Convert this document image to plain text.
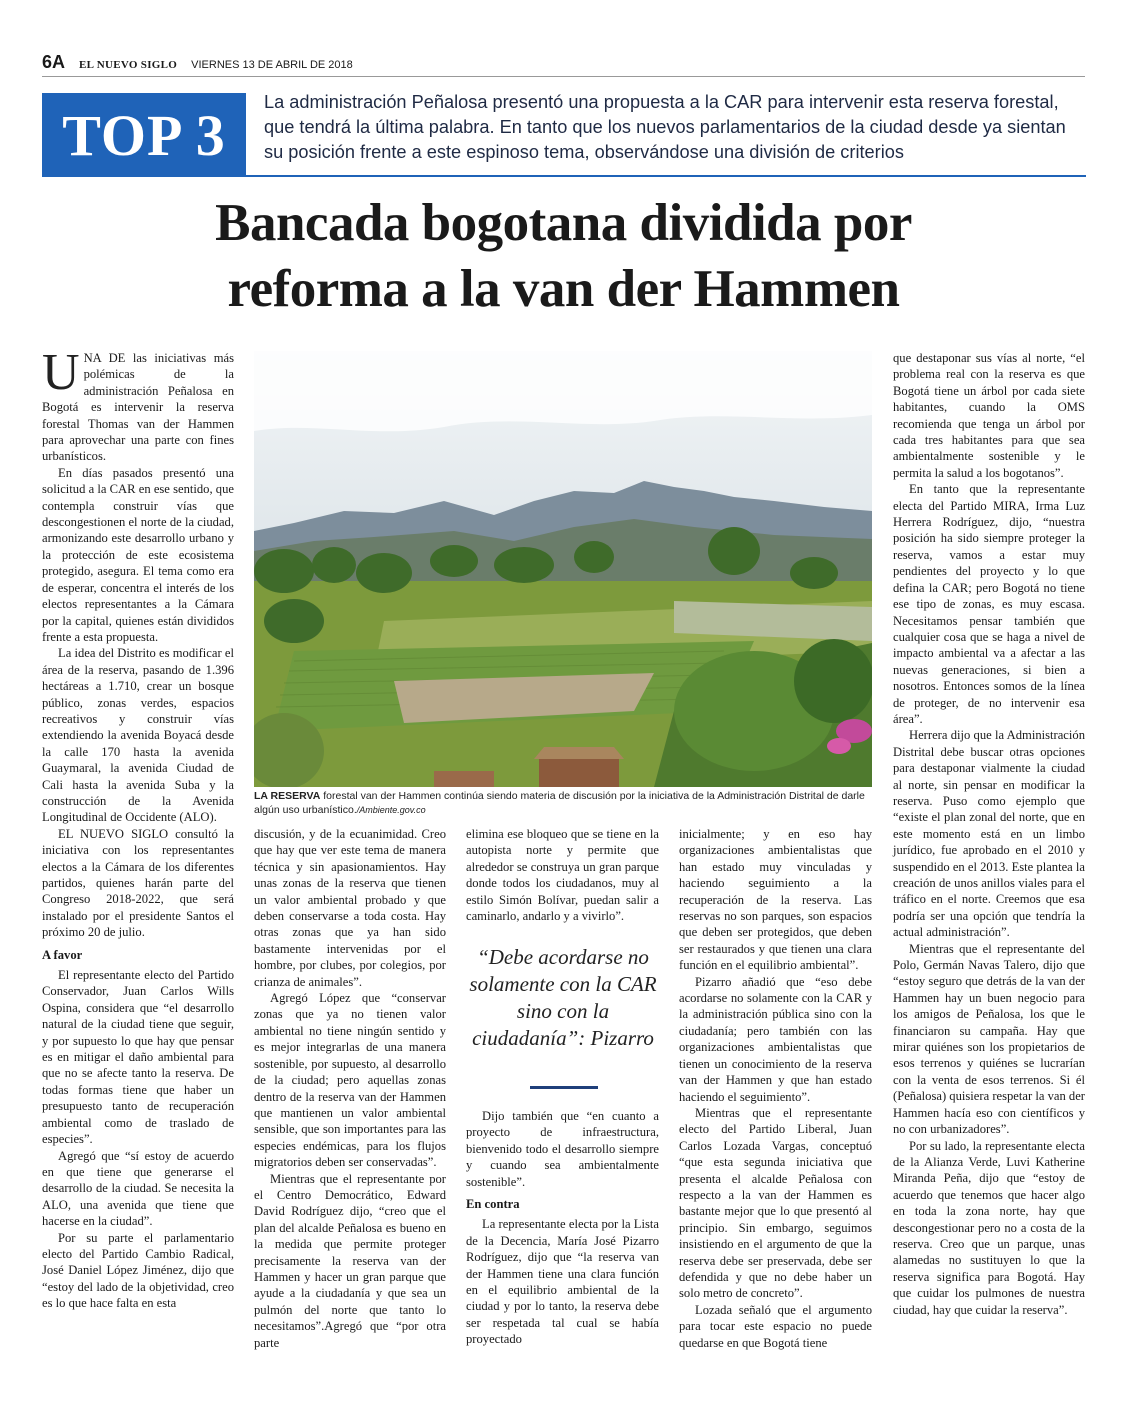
6A EL NUEVO SIGLO VIERNES 13 DE ABRIL DE 2018
TOP 3
La administración Peñalosa presentó una propuesta a la CAR para intervenir esta reserva forestal, que tendrá la última palabra. En tanto que los nuevos parlamentarios de la ciudad desde ya sientan su posición frente a este espinoso tema, observándose una división de criterios
Bancada bogotana dividida por
reforma a la van der Hammen

UNA DE las iniciativas más polémicas de la administración Peñalosa en Bogotá es intervenir la reserva forestal Thomas van der Hammen para aprovechar una parte con fines urbanísticos.

En días pasados presentó una solicitud a la CAR en ese sentido, que contempla construir vías que descongestionen el norte de la ciudad, armonizando este desarrollo urbano y la protección de este ecosistema protegido, asegura. El tema como era de esperar, concentra el interés de los electos representantes a la Cámara por la capital, quienes están divididos frente a esta propuesta.

La idea del Distrito es modificar el área de la reserva, pasando de 1.396 hectáreas a 1.710, crear un bosque público, zonas verdes, espacios recreativos y construir vías extendiendo la avenida Boyacá desde la calle 170 hasta la avenida Guaymaral, la avenida Ciudad de Cali hasta la avenida Suba y la construcción de la Avenida Longitudinal de Occidente (ALO).

EL NUEVO SIGLO consultó la iniciativa con los representantes electos a la Cámara de los diferentes partidos, quienes harán parte del Congreso 2018-2022, que será instalado por el presidente Santos el próximo 20 de julio.

A favor

El representante electo del Partido Conservador, Juan Carlos Wills Ospina, considera que “el desarrollo natural de la ciudad tiene que seguir, y por supuesto lo que hay que pensar es en mitigar el daño ambiental para que no se afecte tanto la reserva. De todas formas tiene que haber un presupuesto tanto de recuperación ambiental como de traslado de especies”.

Agregó que “sí estoy de acuerdo en que tiene que generarse el desarrollo de la ciudad. Se necesita la ALO, una avenida que tiene que hacerse en la ciudad”.

Por su parte el parlamentario electo del Partido Cambio Radical, José Daniel López Jiménez, dijo que “estoy del lado de la objetividad, creo es lo que hace falta en esta

LA RESERVA forestal van der Hammen continúa siendo materia de discusión por la iniciativa de la Administración Distrital de darle algún uso urbanístico./Ambiente.gov.co

discusión, y de la ecuanimidad. Creo que hay que ver este tema de manera técnica y sin apasionamientos. Hay unas zonas de la reserva que tienen un valor ambiental probado y que deben conservarse a toda costa. Hay otras zonas que ya han sido bastamente intervenidas por el hombre, por clubes, por colegios, por crianza de animales”.

Agregó López que “conservar zonas que ya no tienen valor ambiental no tiene ningún sentido y es mejor integrarlas de una manera sostenible, por supuesto, al desarrollo de la ciudad; pero aquellas zonas dentro de la reserva van der Hammen que mantienen un valor ambiental sensible, que son importantes para las especies endémicas, para los flujos migratorios deben ser conservadas”.

Mientras que el representante por el Centro Democrático, Edward David Rodríguez dijo, “creo que el plan del alcalde Peñalosa es bueno en la medida que permite proteger precisamente la reserva van der Hammen y hacer un gran parque que ayude a la ciudadanía y que sea un pulmón del norte que tanto lo necesitamos”.Agregó que “por otra parte

elimina ese bloqueo que se tiene en la autopista norte y permite que alrededor se construya un gran parque donde todos los ciudadanos, muy al estilo Simón Bolívar, puedan salir a caminarlo, andarlo y a vivirlo”.

“Debe acordarse no solamente con la CAR sino con la ciudadanía”: Pizarro

Dijo también que “en cuanto a proyecto de infraestructura, bienvenido todo el desarrollo siempre y cuando sea ambientalmente sostenible”.

En contra

La representante electa por la Lista de la Decencia, María José Pizarro Rodríguez, dijo que “la reserva van der Hammen tiene una clara función en el equilibrio ambiental de la ciudad y por lo tanto, la reserva debe ser respetada tal cual se había proyectado

inicialmente; y en eso hay organizaciones ambientalistas que han estado muy vinculadas y haciendo seguimiento a la recuperación de la reserva. Las reservas no son parques, son espacios que deben ser protegidos, que deben ser restaurados y que tienen una clara función en el equilibrio ambiental”.

Pizarro añadió que “eso debe acordarse no solamente con la CAR y la administración pública sino con la ciudadanía; pero también con las organizaciones ambientalistas que tienen un conocimiento de la reserva van der Hammen y que han estado haciendo el seguimiento”.

Mientras que el representante electo del Partido Liberal, Juan Carlos Lozada Vargas, conceptuó “que esta segunda iniciativa que presenta el alcalde Peñalosa con respecto a la van der Hammen es bastante mejor que lo que presentó al principio. Sin embargo, seguimos insistiendo en el argumento de que la reserva debe ser preservada, debe ser defendida y que no debe haber un solo metro de concreto”.

Lozada señaló que el argumento para tocar este espacio no puede quedarse en que Bogotá tiene

que destaponar sus vías al norte, “el problema real con la reserva es que Bogotá tiene un árbol por cada siete habitantes, cuando la OMS recomienda que tenga un árbol por cada tres habitantes para que sea ambientalmente sostenible y le permita la salud a los bogotanos”.

En tanto que la representante electa del Partido MIRA, Irma Luz Herrera Rodríguez, dijo, “nuestra posición ha sido siempre proteger la reserva, vamos a estar muy pendientes del proyecto y lo que defina la CAR; pero Bogotá no tiene ese tipo de zonas, es muy escasa. Necesitamos pensar también que cualquier cosa que se haga a nivel de impacto ambiental va a afectar a las nuevas generaciones, si bien a nosotros. Entonces somos de la línea de proteger, de no intervenir esa área”.

Herrera dijo que la Administración Distrital debe buscar otras opciones para destaponar vialmente la ciudad al norte, sin pensar en modificar la reserva. Puso como ejemplo que “existe el plan zonal del norte, que en este momento está en un limbo jurídico, fue aprobado en el 2010 y suspendido en el 2013. Este plantea la creación de unos anillos viales para el tráfico en el norte. Creemos que esa podría ser una opción que tendría la actual administración”.

Mientras que el representante del Polo, Germán Navas Talero, dijo que “estoy seguro que detrás de la van der Hammen hay un buen negocio para los amigos de Peñalosa, los que le financiaron su campaña. Hay que mirar quiénes son los propietarios de esos terrenos y quiénes se lucrarían con la venta de esos terrenos. Si él (Peñalosa) quisiera respetar la van der Hammen hacía eso con científicos y no con urbanizadores”.

Por su lado, la representante electa de la Alianza Verde, Luvi Katherine Miranda Peña, dijo que “estoy de acuerdo que tenemos que hacer algo en toda la zona norte, hay que descongestionar pero no a costa de la reserva. Creo que un parque, unas alamedas no sustituyen lo que la reserva significa para Bogotá. Hay que cuidar los pulmones de nuestra ciudad, hay que cuidar la reserva”.
